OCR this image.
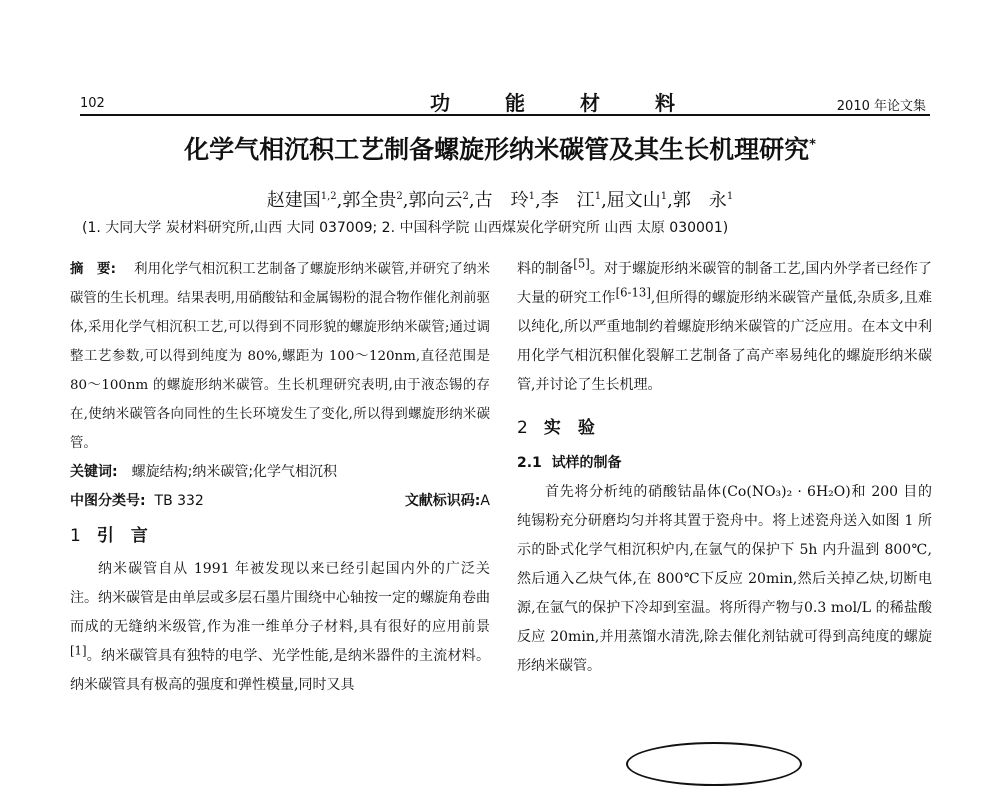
102	功能材料	2010 年论文集
化学气相沉积工艺制备螺旋形纳米碳管及其生长机理研究*
赵建国$^{1,2}$,郭全贵$^2$,郭向云$^2$,古　玲$^1$,李　江$^1$,屈文山$^1$,郭　永$^1$
(1. 大同大学 炭材料研究所,山西 大同 037009; 2. 中国科学院 山西煤炭化学研究所 山西 太原 030001)
摘　要: 利用化学气相沉积工艺制备了螺旋形纳米碳管,并研究了纳米碳管的生长机理。结果表明,用硝酸钴和金属锡粉的混合物作催化剂前驱体,采用化学气相沉积工艺,可以得到不同形貌的螺旋形纳米碳管;通过调整工艺参数,可以得到纯度为 80%,螺距为 100～120nm,直径范围是 80～100nm 的螺旋形纳米碳管。生长机理研究表明,由于液态锡的存在,使纳米碳管各向同性的生长环境发生了变化,所以得到螺旋形纳米碳管。
关键词: 螺旋结构;纳米碳管;化学气相沉积
中图分类号: TB 332	文献标识码:A
1 引　言
纳米碳管自从 1991 年被发现以来已经引起国内外的广泛关注。纳米碳管是由单层或多层石墨片围绕中心轴按一定的螺旋角卷曲而成的无缝纳米级管,作为准一维单分子材料,具有很好的应用前景[1]。纳米碳管具有独特的电学、光学性能,是纳米器件的主流材料。纳米碳管具有极高的强度和弹性模量,同时又具
料的制备[5]。对于螺旋形纳米碳管的制备工艺,国内外学者已经作了大量的研究工作[6-13],但所得的螺旋形纳米碳管产量低,杂质多,且难以纯化,所以严重地制约着螺旋形纳米碳管的广泛应用。在本文中利用化学气相沉积催化裂解工艺制备了高产率易纯化的螺旋形纳米碳管,并讨论了生长机理。
2 实　验
2.1 试样的制备
首先将分析纯的硝酸钴晶体(Co(NO₃)₂ · 6H₂O)和 200 目的纯锡粉充分研磨均匀并将其置于瓷舟中。将上述瓷舟送入如图 1 所示的卧式化学气相沉积炉内,在氩气的保护下 5h 内升温到 800℃,然后通入乙炔气体,在 800℃下反应 20min,然后关掉乙炔,切断电源,在氩气的保护下冷却到室温。将所得产物与0.3 mol/L 的稀盐酸反应 20min,并用蒸馏水清洗,除去催化剂钴就可得到高纯度的螺旋形纳米碳管。
